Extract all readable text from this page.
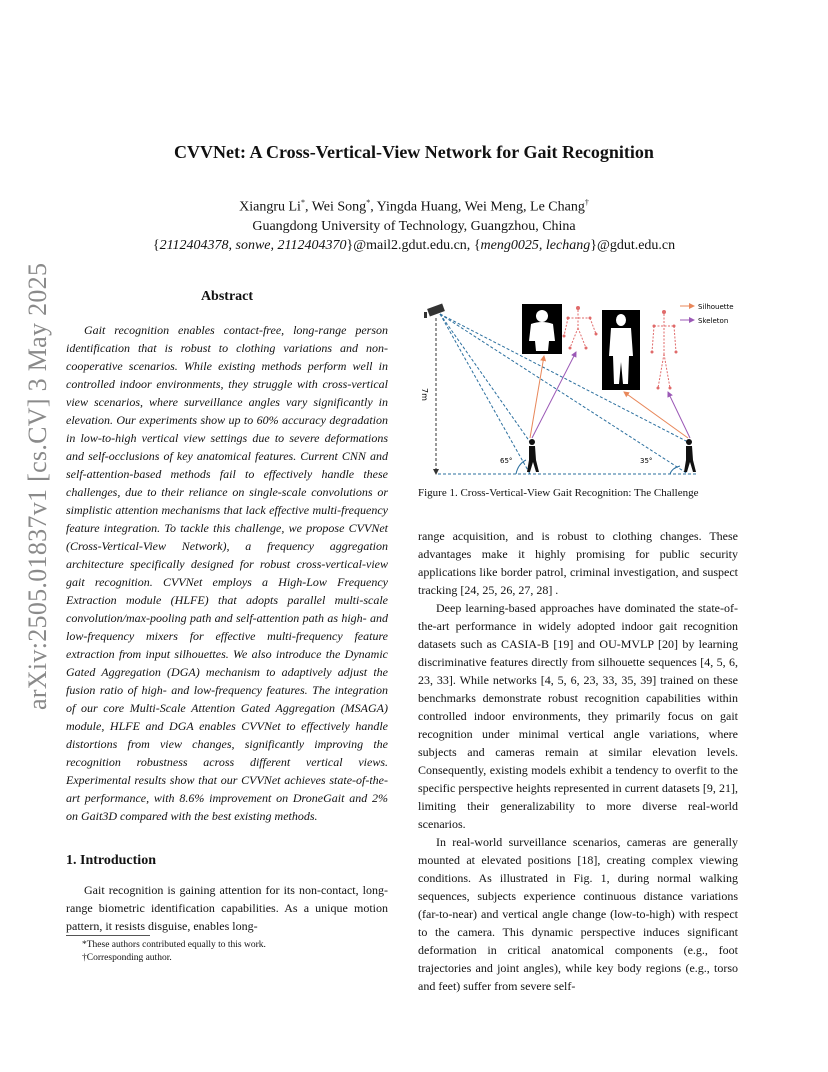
arXiv:2505.01837v1 [cs.CV] 3 May 2025
CVVNet: A Cross-Vertical-View Network for Gait Recognition
Xiangru Li*, Wei Song*, Yingda Huang, Wei Meng, Le Chang†
Guangdong University of Technology, Guangzhou, China
{2112404378, sonwe, 2112404370}@mail2.gdut.edu.cn, {meng0025, lechang}@gdut.edu.cn
Abstract

Gait recognition enables contact-free, long-range person identification that is robust to clothing variations and non-cooperative scenarios. While existing methods perform well in controlled indoor environments, they struggle with cross-vertical view scenarios, where surveillance angles vary significantly in elevation. Our experiments show up to 60% accuracy degradation in low-to-high vertical view settings due to severe deformations and self-occlusions of key anatomical features. Current CNN and self-attention-based methods fail to effectively handle these challenges, due to their reliance on single-scale convolutions or simplistic attention mechanisms that lack effective multi-frequency feature integration. To tackle this challenge, we propose CVVNet (Cross-Vertical-View Network), a frequency aggregation architecture specifically designed for robust cross-vertical-view gait recognition. CVVNet employs a High-Low Frequency Extraction module (HLFE) that adopts parallel multi-scale convolution/max-pooling path and self-attention path as high- and low-frequency mixers for effective multi-frequency feature extraction from input silhouettes. We also introduce the Dynamic Gated Aggregation (DGA) mechanism to adaptively adjust the fusion ratio of high- and low-frequency features. The integration of our core Multi-Scale Attention Gated Aggregation (MSAGA) module, HLFE and DGA enables CVVNet to effectively handle distortions from view changes, significantly improving the recognition robustness across different vertical views. Experimental results show that our CVVNet achieves state-of-the-art performance, with 8.6% improvement on DroneGait and 2% on Gait3D compared with the best existing methods.

1. Introduction

Gait recognition is gaining attention for its non-contact, long-range biometric identification capabilities. As a unique motion pattern, it resists disguise, enables long-

*These authors contributed equally to this work.
†Corresponding author.
7m
65°	35°
Silhouette
Skeleton
Figure 1. Cross-Vertical-View Gait Recognition: The Challenge

range acquisition, and is robust to clothing changes. These advantages make it highly promising for public security applications like border patrol, criminal investigation, and suspect tracking [24, 25, 26, 27, 28] .

Deep learning-based approaches have dominated the state-of-the-art performance in widely adopted indoor gait recognition datasets such as CASIA-B [19] and OU-MVLP [20] by learning discriminative features directly from silhouette sequences [4, 5, 6, 23, 33]. While networks [4, 5, 6, 23, 33, 35, 39] trained on these benchmarks demonstrate robust recognition capabilities within controlled indoor environments, they primarily focus on gait recognition under minimal vertical angle variations, where subjects and cameras remain at similar elevation levels. Consequently, existing models exhibit a tendency to overfit to the specific perspective heights represented in current datasets [9, 21], limiting their generalizability to more diverse real-world scenarios.

In real-world surveillance scenarios, cameras are generally mounted at elevated positions [18], creating complex viewing conditions. As illustrated in Fig. 1, during normal walking sequences, subjects experience continuous distance variations (far-to-near) and vertical angle change (low-to-high) with respect to the camera. This dynamic perspective induces significant deformation in critical anatomical components (e.g., foot trajectories and joint angles), while key body regions (e.g., torso and feet) suffer from severe self-
